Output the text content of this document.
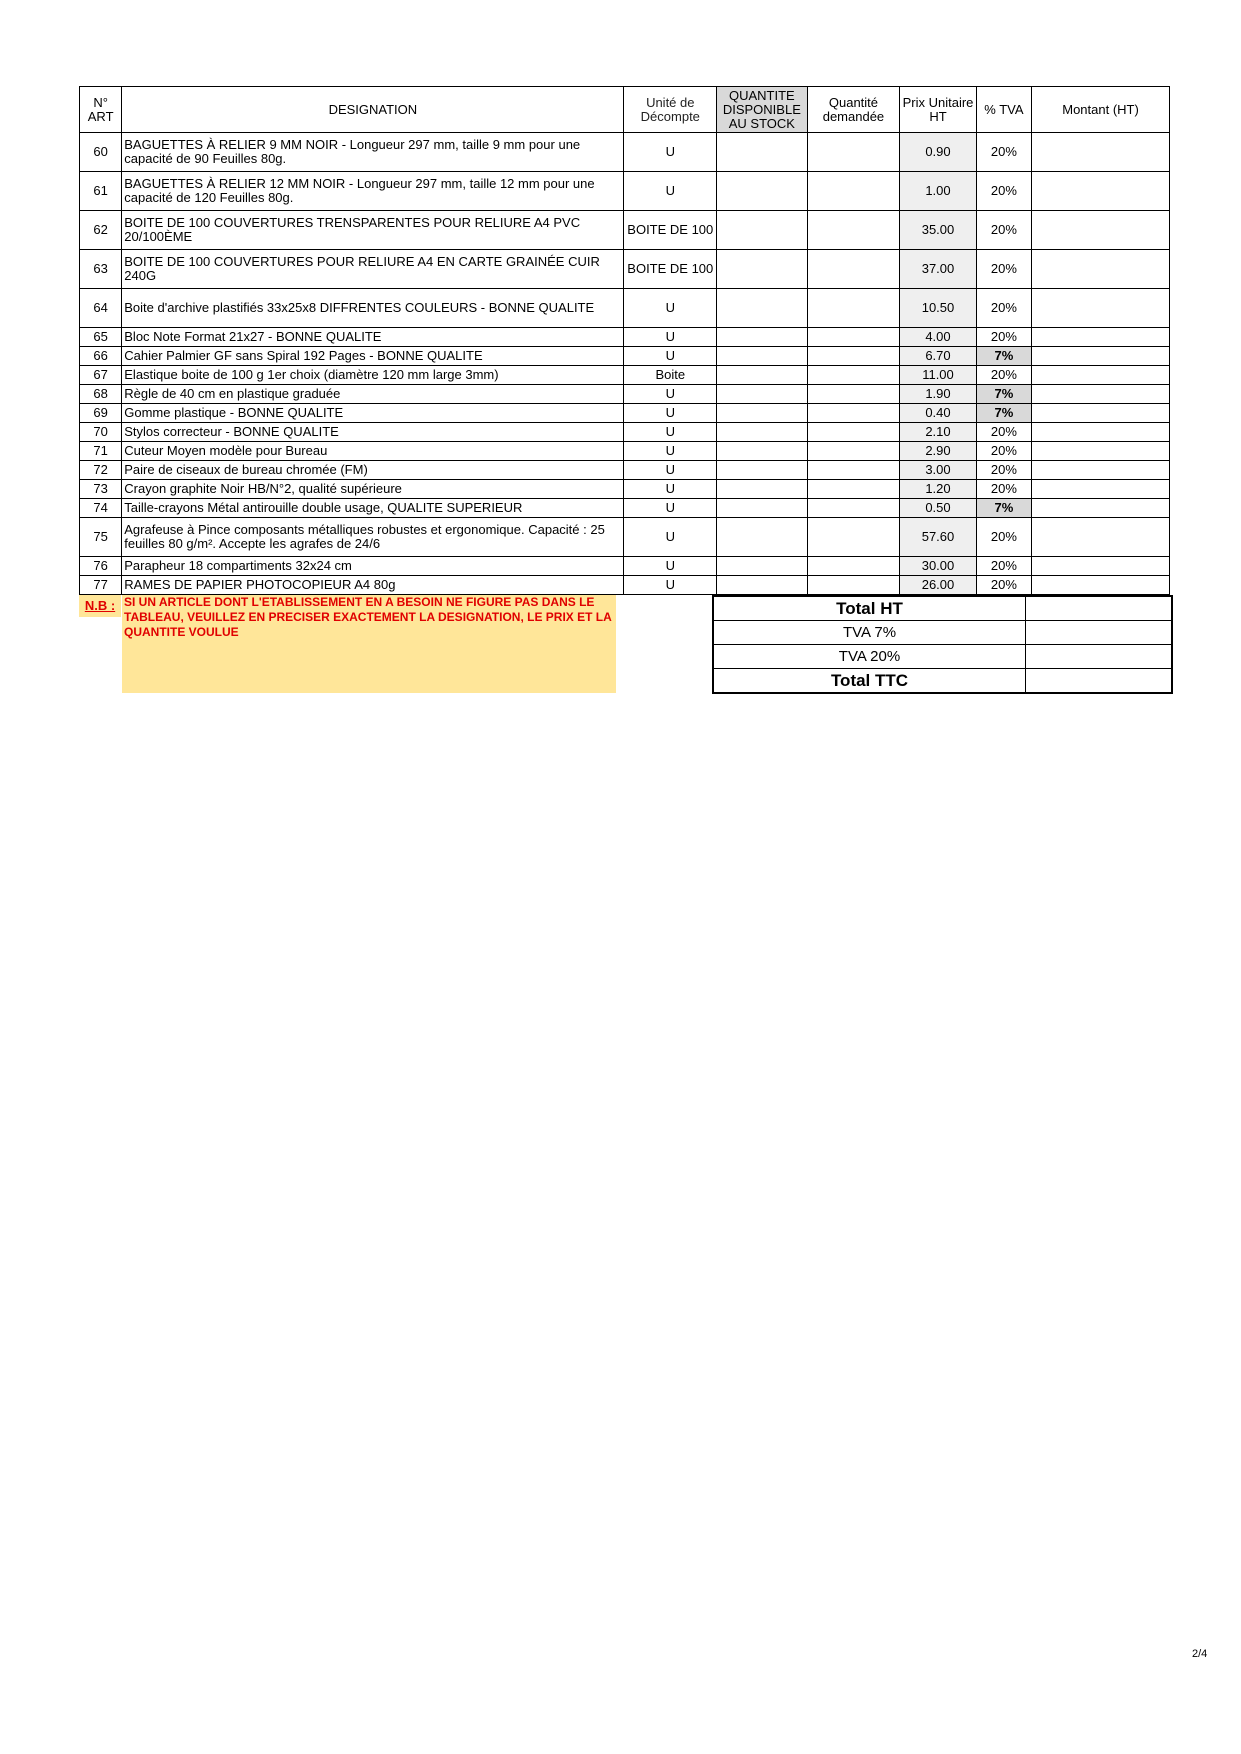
N° ART	DESIGNATION	Unité de Décompte	QUANTITE DISPONIBLE AU STOCK	Quantité demandée	Prix Unitaire HT	% TVA	Montant (HT)
60	BAGUETTES À RELIER 9 MM NOIR - Longueur 297 mm, taille 9 mm pour une capacité de 90 Feuilles 80g.	U			0.90	20%	
61	BAGUETTES À RELIER 12 MM NOIR - Longueur 297 mm, taille 12 mm pour une capacité de 120 Feuilles 80g.	U			1.00	20%	
62	BOITE DE 100 COUVERTURES TRENSPARENTES POUR RELIURE A4 PVC 20/100ÈME	BOITE DE 100			35.00	20%	
63	BOITE DE 100 COUVERTURES POUR RELIURE A4 EN CARTE GRAINÉE CUIR 240G	BOITE DE 100			37.00	20%	
64	Boite d'archive plastifiés 33x25x8 DIFFRENTES COULEURS - BONNE QUALITE	U			10.50	20%	
65	Bloc Note Format 21x27 - BONNE QUALITE	U			4.00	20%	
66	Cahier Palmier GF sans Spiral 192 Pages - BONNE QUALITE	U			6.70	7%	
67	Elastique boite de 100 g 1er choix (diamètre 120 mm large 3mm)	Boite			11.00	20%	
68	Règle de 40 cm en plastique graduée	U			1.90	7%	
69	Gomme plastique - BONNE QUALITE	U			0.40	7%	
70	Stylos correcteur - BONNE QUALITE	U			2.10	20%	
71	Cuteur Moyen modèle pour Bureau	U			2.90	20%	
72	Paire de ciseaux de bureau chromée (FM)	U			3.00	20%	
73	Crayon graphite Noir HB/N°2, qualité supérieure	U			1.20	20%	
74	Taille-crayons Métal antirouille double usage, QUALITE SUPERIEUR	U			0.50	7%	
75	Agrafeuse à Pince composants métalliques robustes et ergonomique. Capacité : 25 feuilles 80 g/m². Accepte les agrafes de 24/6	U			57.60	20%	
76	Parapheur 18 compartiments 32x24 cm	U			30.00	20%	
77	RAMES DE PAPIER PHOTOCOPIEUR A4 80g	U			26.00	20%	
N.B : SI UN ARTICLE DONT L'ETABLISSEMENT EN A BESOIN NE FIGURE PAS DANS LE TABLEAU, VEUILLEZ EN PRECISER EXACTEMENT LA DESIGNATION, LE PRIX ET LA QUANTITE VOULUE
Total HT	
TVA 7%	
TVA 20%	
Total TTC	
2/4
